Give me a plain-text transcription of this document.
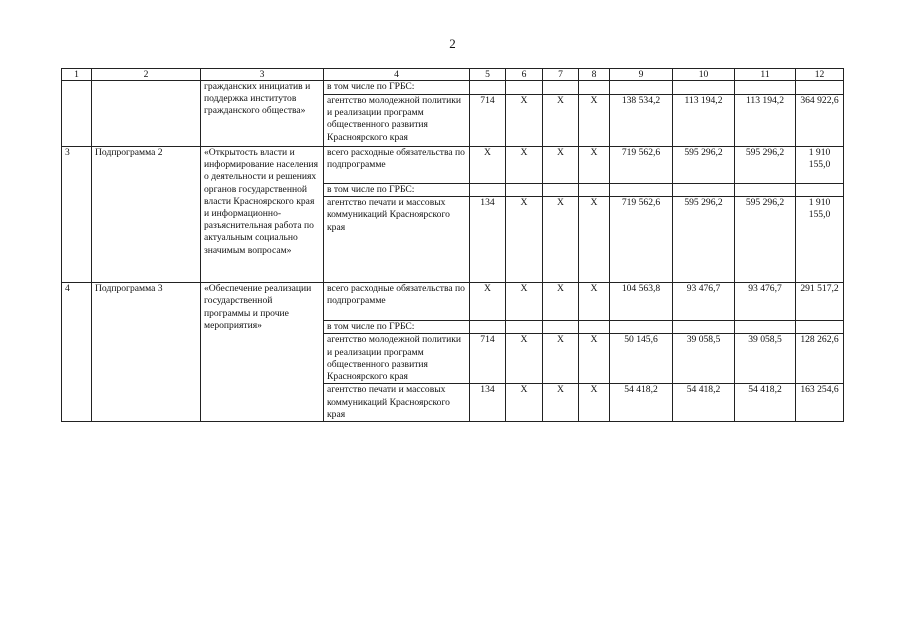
2
1	2	3	4	5	6	7	8	9	10	11	12
		гражданских инициатив и поддержка институтов гражданского общества»	в том числе по ГРБС:								
			агентство молодежной политики и реализации программ общественного развития Красноярского края	714	X	X	X	138 534,2	113 194,2	113 194,2	364 922,6
3	Подпрограмма 2	«Открытость власти и информирование населения о деятельности и решениях органов государственной власти Красноярского края и информационно-разъяснительная работа по актуальным социально значимым вопросам»	всего расходные обязательства по подпрограмме	X	X	X	X	719 562,6	595 296,2	595 296,2	1 910 155,0
			в том числе по ГРБС:								
			агентство печати и массовых коммуникаций Красноярского края	134	X	X	X	719 562,6	595 296,2	595 296,2	1 910 155,0
4	Подпрограмма 3	«Обеспечение реализации государственной программы и прочие мероприятия»	всего расходные обязательства по подпрограмме	X	X	X	X	104 563,8	93 476,7	93 476,7	291 517,2
			в том числе по ГРБС:								
			агентство молодежной политики и реализации программ общественного развития Красноярского края	714	X	X	X	50 145,6	39 058,5	39 058,5	128 262,6
			агентство печати и массовых коммуникаций Красноярского края	134	X	X	X	54 418,2	54 418,2	54 418,2	163 254,6
